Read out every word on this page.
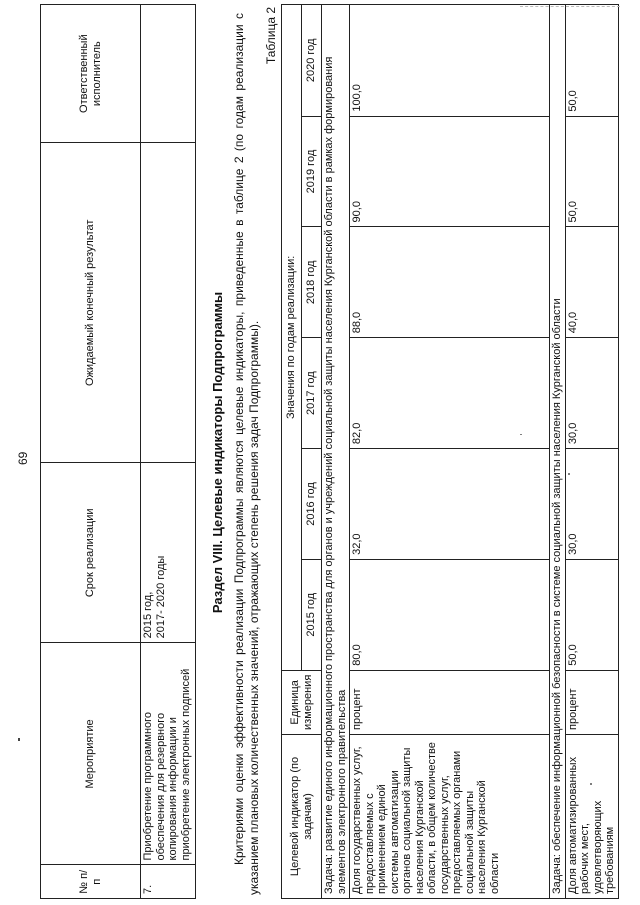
69
№ п/п	Мероприятие	Срок реализации	Ожидаемый конечный результат	Ответственный исполнитель
7.	Приобретение программного обеспечения для резервного копирования информации и приобретение электронных подписей	2015 год, 2017- 2020 годы		
			Раздел VIII. Целевые индикаторы Подпрограммы Критериями оценки эффективности реализации Подпрограммы являются целевые индикаторы, приведенные в таблице 2 (по годам реализации с указанием плановых количественных значений, отражающих степень решения задач Подпрограммы).
Таблица 2
Целевой индикатор (по задачам)	Единица измерения	Значения по годам реализации:					
		2015 год	2016 год	2017 год	2018 год	2019 год	2020 год
Задача: развитие единого информационного пространства для органов и учреждений социальной защиты населения Курганской области в рамках формирования элементов электронного правительства							
Доля государственных услуг, предоставляемых с применением единой системы автоматизации органов социальной защиты населения Курганской области, в общем количестве государственных услуг, предоставляемых органами социальной защиты населения Курганской области	процент	80,0	32,0	82,0	88,0	90,0	100,0
Задача: обеспечение информационной безопасности в системе социальной защиты населения Курганской области							
Доля автоматизированных рабочих мест, удовлетворяющих требованиям	процент	50,0	30,0	30,0	40,0	50,0	50,0
